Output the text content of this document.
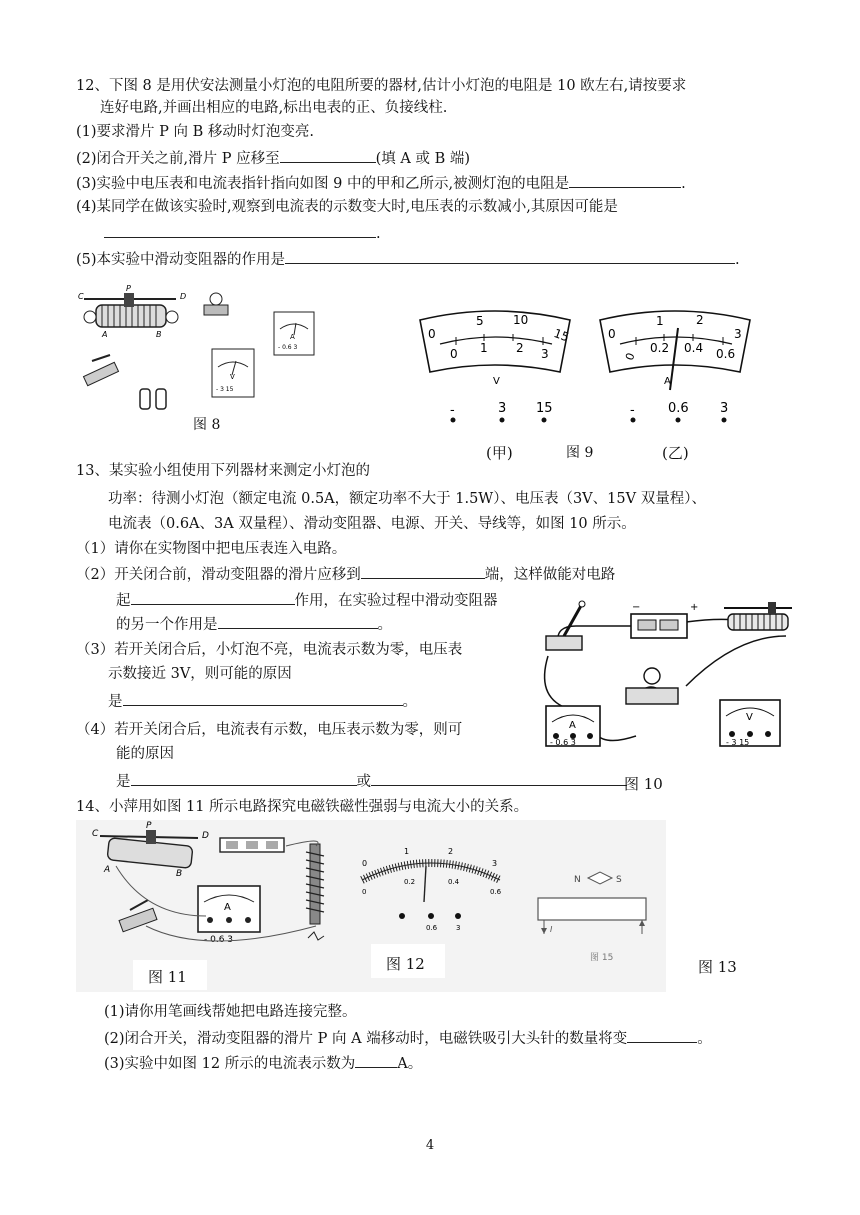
12、下图 8 是用伏安法测量小灯泡的电阻所要的器材,估计小灯泡的电阻是 10 欧左右,请按要求
连好电路,并画出相应的电路,标出电表的正、负接线柱.
(1)要求滑片 P 向 B 移动时灯泡变亮.
(2)闭合开关之前,滑片 P 应移至	(填 A 或 B 端)
(3)实验中电压表和电流表指针指向如图 9 中的甲和乙所示,被测灯泡的电阻是	.
(4)某同学在做该实验时,观察到电流表的示数变大时,电压表的示数减小,其原因可能是
.
(5)本实验中滑动变阻器的作用是	.
C
P
D
A	B	A
- 0.6 3
V
- 3 15
图 8
0
5 10
15
0 1 2 3
V
-	3 15
0
1	2
3
0
0.2 0.4 0.6
A
-	0.6 3
(甲)	图 9	(乙)
13、某实验小组使用下列器材来测定小灯泡的
功率：待测小灯泡（额定电流 0.5A，额定功率不大于 1.5W）、电压表（3V、15V 双量程）、
电流表（0.6A、3A 双量程）、滑动变阻器、电源、开关、导线等，如图 10 所示。
（1）请你在实物图中把电压表连入电路。
（2）开关闭合前，滑动变阻器的滑片应移到	端，这样做能对电路
起	作用，在实验过程中滑动变阻器
的另一个作用是	。
（3）若开关闭合后，小灯泡不亮，电流表示数为零，电压表
示数接近 3V，则可能的原因
是	。
（4）若开关闭合后，电流表有示数，电压表示数为零，则可
能的原因
是	或	图 10
−	+
A
- 0.6 3
V
- 3 15
14、小萍用如图 11 所示电路探究电磁铁磁性强弱与电流大小的关系。
C
P
D
A	B
A
- 0.6 3
0
1	2
3
0
0.2	0.4
0.6
0.6	3
N	S
I
图 15
图 11
图 12	图 13
(1)请你用笔画线帮她把电路连接完整。
(2)闭合开关，滑动变阻器的滑片 P 向 A 端移动时，电磁铁吸引大头针的数量将变	。
(3)实验中如图 12 所示的电流表示数为	A。
4
